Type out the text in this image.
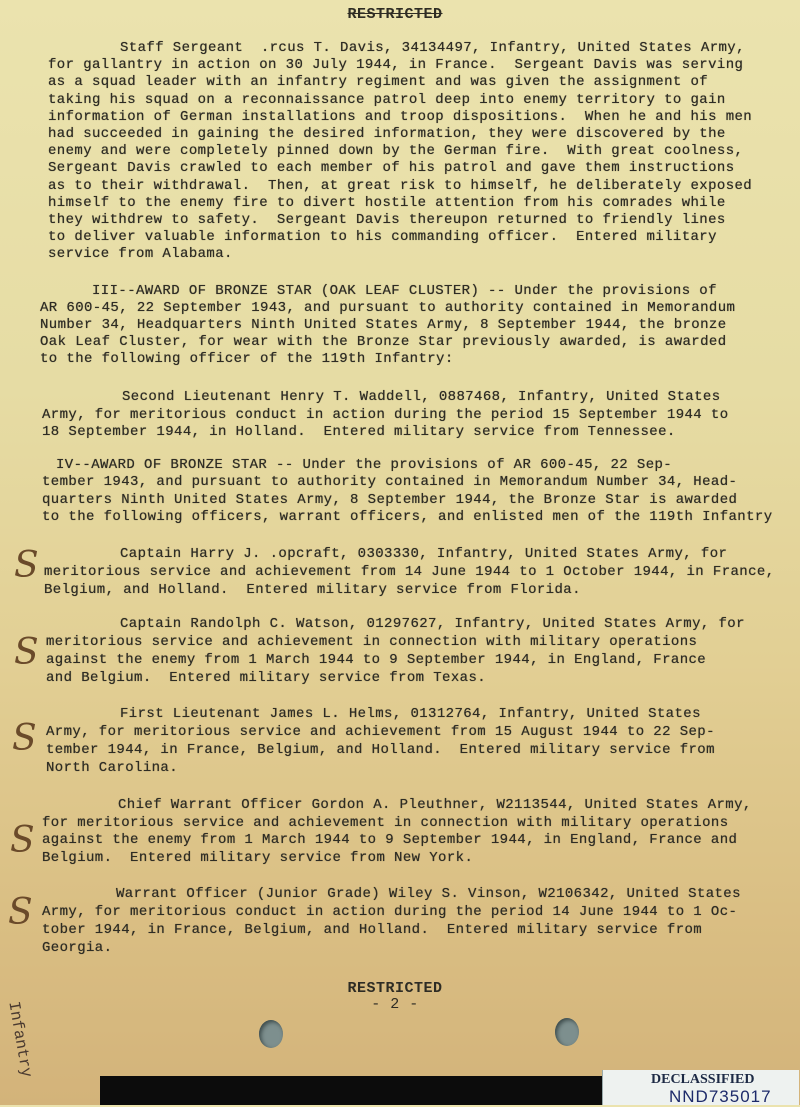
RESTRICTED
Staff Sergeant  .rcus T. Davis, 34134497, Infantry, United States Army,
for gallantry in action on 30 July 1944, in France.  Sergeant Davis was serving
as a squad leader with an infantry regiment and was given the assignment of
taking his squad on a reconnaissance patrol deep into enemy territory to gain
information of German installations and troop dispositions.  When he and his men
had succeeded in gaining the desired information, they were discovered by the
enemy and were completely pinned down by the German fire.  With great coolness,
Sergeant Davis crawled to each member of his patrol and gave them instructions
as to their withdrawal.  Then, at great risk to himself, he deliberately exposed
himself to the enemy fire to divert hostile attention from his comrades while
they withdrew to safety.  Sergeant Davis thereupon returned to friendly lines
to deliver valuable information to his commanding officer.  Entered military
service from Alabama.
III--AWARD OF BRONZE STAR (OAK LEAF CLUSTER) -- Under the provisions of
AR 600-45, 22 September 1943, and pursuant to authority contained in Memorandum
Number 34, Headquarters Ninth United States Army, 8 September 1944, the bronze
Oak Leaf Cluster, for wear with the Bronze Star previously awarded, is awarded
to the following officer of the 119th Infantry:
Second Lieutenant Henry T. Waddell, 0887468, Infantry, United States
Army, for meritorious conduct in action during the period 15 September 1944 to
18 September 1944, in Holland.  Entered military service from Tennessee.
IV--AWARD OF BRONZE STAR -- Under the provisions of AR 600-45, 22 Sep-
tember 1943, and pursuant to authority contained in Memorandum Number 34, Head-
quarters Ninth United States Army, 8 September 1944, the Bronze Star is awarded
to the following officers, warrant officers, and enlisted men of the 119th Infantry
Captain Harry J. .opcraft, 0303330, Infantry, United States Army, for
meritorious service and achievement from 14 June 1944 to 1 October 1944, in France,
Belgium, and Holland.  Entered military service from Florida.
Captain Randolph C. Watson, 01297627, Infantry, United States Army, for
meritorious service and achievement in connection with military operations
against the enemy from 1 March 1944 to 9 September 1944, in England, France
and Belgium.  Entered military service from Texas.
First Lieutenant James L. Helms, 01312764, Infantry, United States
Army, for meritorious service and achievement from 15 August 1944 to 22 Sep-
tember 1944, in France, Belgium, and Holland.  Entered military service from
North Carolina.
Chief Warrant Officer Gordon A. Pleuthner, W2113544, United States Army,
for meritorious service and achievement in connection with military operations
against the enemy from 1 March 1944 to 9 September 1944, in England, France and
Belgium.  Entered military service from New York.
Warrant Officer (Junior Grade) Wiley S. Vinson, W2106342, United States
Army, for meritorious conduct in action during the period 14 June 1944 to 1 Oc-
tober 1944, in France, Belgium, and Holland.  Entered military service from
Georgia.
RESTRICTED
- 2 -
S
S
S
S
S
Infantry
DECLASSIFIED
NND735017
